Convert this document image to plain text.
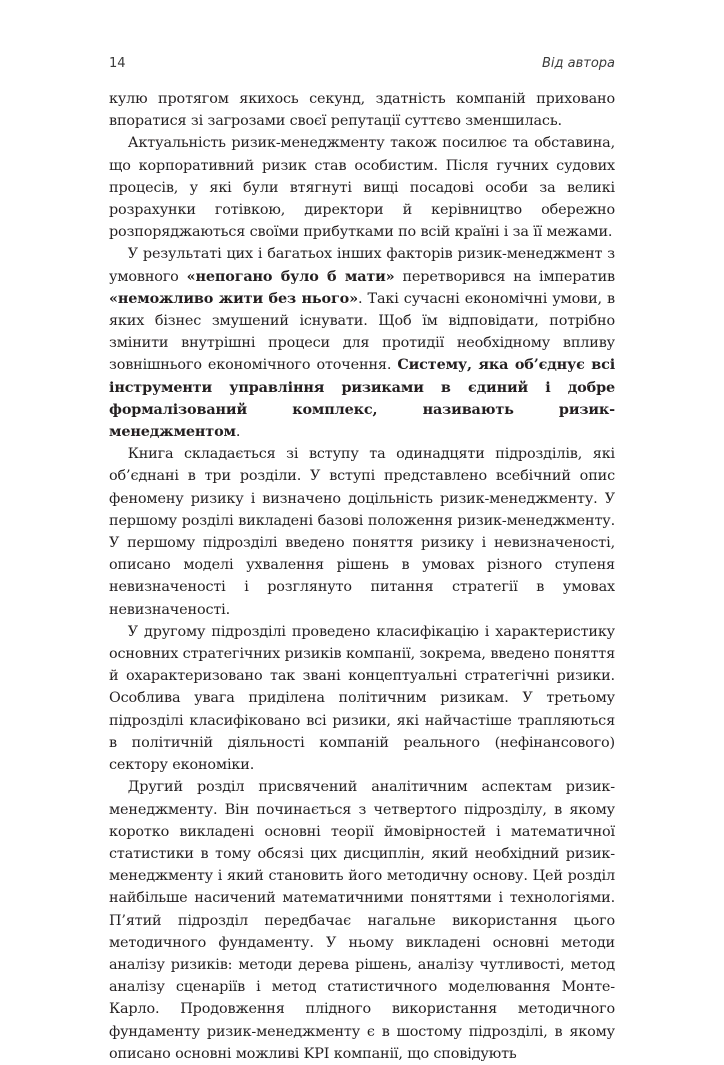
14	Від автора

кулю протягом якихось секунд, здатність компаній приховано впоратися зі загрозами своєї репутації суттєво зменшилась.

Актуальність ризик-менеджменту також посилює та обставина, що корпоративний ризик став особистим. Після гучних судових процесів, у які були втягнуті вищі посадові особи за великі розрахунки готівкою, директори й керівництво обережно розпоряджаються своїми прибутками по всій країні і за її межами.

У результаті цих і багатьох інших факторів ризик-менеджмент з умовного «непогано було б мати» перетворився на імператив «неможливо жити без нього». Такі сучасні економічні умови, в яких бізнес змушений існувати. Щоб їм відповідати, потрібно змінити внутрішні процеси для протидії необхідному впливу зовнішнього економічного оточення. Систему, яка об’єднує всі інструменти управління ризиками в єдиний і добре формалізований комплекс, називають ризик-менеджментом.

Книга складається зі вступу та одинадцяти підрозділів, які об’єднані в три розділи. У вступі представлено всебічний опис феномену ризику і визначено доцільність ризик-менеджменту. У першому розділі викладені базові положення ризик-менеджменту. У першому підрозділі введено поняття ризику і невизначеності, описано моделі ухвалення рішень в умовах різного ступеня невизначеності і розглянуто питання стратегії в умовах невизначеності.

У другому підрозділі проведено класифікацію і характеристику основних стратегічних ризиків компанії, зокрема, введено поняття й охарактеризовано так звані концептуальні стратегічні ризики. Особлива увага приділена політичним ризикам. У третьому підрозділі класифіковано всі ризики, які найчастіше трапляються в політичній діяльності компаній реального (нефінансового) сектору економіки.

Другий розділ присвячений аналітичним аспектам ризик-менеджменту. Він починається з четвертого підрозділу, в якому коротко викладені основні теорії ймовірностей і математичної статистики в тому обсязі цих дисциплін, який необхідний ризик-менеджменту і який становить його методичну основу. Цей розділ найбільше насичений математичними поняттями і технологіями. П’ятий підрозділ передбачає нагальне використання цього методичного фундаменту. У ньому викладені основні методи аналізу ризиків: методи дерева рішень, аналізу чутливості, метод аналізу сценаріїв і метод статистичного моделювання Монте-Карло. Продовження плідного використання методичного фундаменту ризик-менеджменту є в шостому підрозділі, в якому описано основні можливі KPI компанії, що сповідують
